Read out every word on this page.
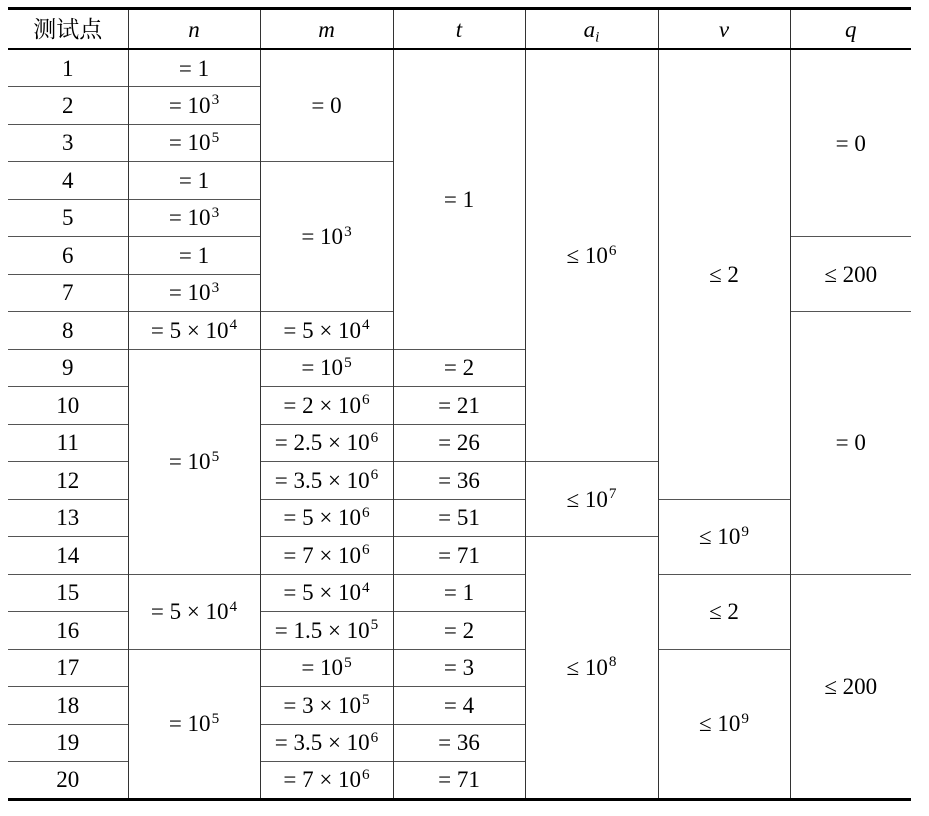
测试点	n	m	t	$a_i$	v	q
1	= 1	= 0	= 1	≤ $10^6$	≤ 2	= 0
2	= $10^3$
3	= $10^5$
4	= 1	= $10^3$
5	= $10^3$
6	= 1					≤ 200
7	= $10^3$
8	= $5 \times 10^4$	= $5 \times 10^4$				= 0
9	= $10^5$	= $10^5$	= 2			
10		= $2 \times 10^6$	= 21			
11		= $2.5 \times 10^6$	= 26			
12		= $3.5 \times 10^6$	= 36	≤ $10^7$
13		= $5 \times 10^6$	= 51		≤ $10^9$
14		= $7 \times 10^6$	= 71	≤ $10^8$
15	= $5 \times 10^4$	= $5 \times 10^4$	= 1		≤ 2	≤ 200
16		= $1.5 \times 10^5$	= 2			
17	= $10^5$	= $10^5$	= 3		≤ $10^9$
18		= $3 \times 10^5$	= 4			
19		= $3.5 \times 10^6$	= 36			
20		= $7 \times 10^6$	= 71			
